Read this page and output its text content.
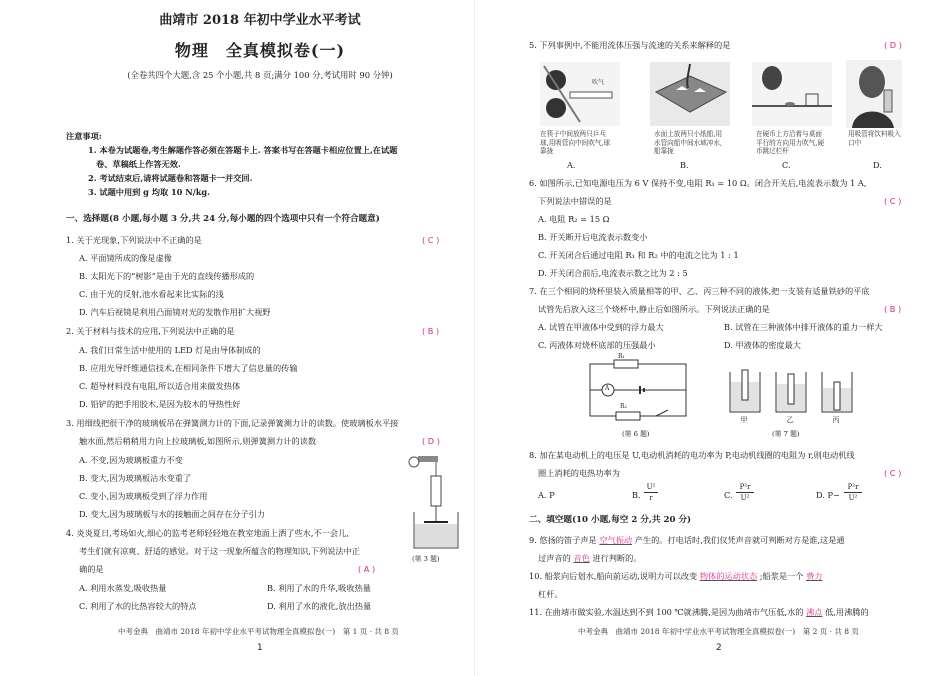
曲靖市 2018 年初中学业水平考试
物理　全真模拟卷(一)
(全卷共四个大题,含 25 个小题,共 8 页;满分 100 分,考试用时 90 分钟)
注意事项:
1. 本卷为试题卷,考生解题作答必须在答题卡上. 答案书写在答题卡相应位置上,在试题
卷、草稿纸上作答无效.
2. 考试结束后,请将试题卷和答题卡一并交回.
3. 试题中用到 g 均取 10 N/kg.
一、选择题(8 小题,每小题 3 分,共 24 分,每小题的四个选项中只有一个符合题意)
1. 关于光现象,下列说法中不正确的是	( C )
A. 平面镜所成的像是虚像
B. 太阳光下的“树影”是由于光的直线传播形成的
C. 由于光的反射,池水看起来比实际的浅
D. 汽车后视镜是利用凸面镜对光的发散作用扩大视野
2. 关于材料与技术的应用,下列说法中正确的是	( B )
A. 我们日常生活中使用的 LED 灯是由导体制成的
B. 应用光导纤维通信技术,在相同条件下增大了信息量的传输
C. 超导材料没有电阻,所以适合用来做发热体
D. 铅铲的把手用胶木,是因为胶木的导热性好
3. 用细线把很干净的玻璃板吊在弹簧测力计的下面,记录弹簧测力计的读数。使玻璃板水平接
触水面,然后稍稍用力向上拉玻璃板,如图所示,则弹簧测力计的读数	( D )
A. 不变,因为玻璃板重力不变
B. 变大,因为玻璃板沾水变重了
C. 变小,因为玻璃板受到了浮力作用
D. 变大,因为玻璃板与水的接触面之间存在分子引力
(第 3 题)
4. 炎炎夏日,考场如火,细心的监考老师轻轻地在教室地面上洒了些水,不一会儿,
考生们就有凉爽、舒适的感觉。对于这一现象所蕴含的物理知识,下列说法中正
确的是	( A )
A. 利用水蒸发,吸收热量	B. 利用了水的升华,吸收热量
C. 利用了水的比热容较大的特点	D. 利用了水的液化,放出热量
中考金典　曲靖市 2018 年初中学业水平考试物理全真模拟卷(一)　第 1 页 · 共 8 页
1
5. 下列事例中,不能用流体压强与流速的关系来解释的是	( D )
吹气
在筷子中间放两只乒乓球,用吸管向中间吹气,球靠拢
水面上放两只小纸船,用水管向船中间水域冲水,船靠拢
在硬币上方沿着与桌面平行的方向用力吹气,硬币跳过栏杆
用吸管将饮料吸入口中
A.	B.	C.	D.
6. 如图所示,已知电源电压为 6 V 保持不变,电阻 R₁ = 10 Ω。闭合开关后,电流表示数为 1 A,
下列说法中错误的是	( C )
A. 电阻 R₂ = 15 Ω
B. 开关断开后电流表示数变小
C. 开关闭合后通过电阻 R₁ 和 R₂ 中的电流之比为 1 : 1
D. 开关闭合前后,电流表示数之比为 2 : 5
7. 在三个相同的烧杯里装入质量相等的甲、乙、丙三种不同的液体,把一支装有适量铁砂的平底
试管先后放入这三个烧杯中,静止后如图所示。下列说法正确的是	( B )
A. 试管在甲液体中受到的浮力最大	B. 试管在三种液体中排开液体的重力一样大
C. 丙液体对烧杯底部的压强最小	D. 甲液体的密度最大
R₁
R₂
A
(第 6 题)
甲	乙	丙
(第 7 题)
8. 加在某电动机上的电压是 U,电动机消耗的电功率为 P,电动机线圈的电阻为 r,则电动机线
圈上消耗的电热功率为	( C )
A. P	B.
U²
r	C.
P²r
U²	D. P−
P²r
U²
二、填空题(10 小题,每空 2 分,共 20 分)
9. 悠扬的笛子声是 空气振动 产生的。打电话时,我们仅凭声音就可判断对方是谁,这是通
过声音的 音色 进行判断的。
10. 船浆向后划水,船向前运动,说明力可以改变 物体的运动状态 ;船浆是一个 费力
杠杆。
11. 在曲靖市做实验,水温达到不到 100 ℃就沸腾,是因为曲靖市气压低,水的 沸点 低,用沸腾的
中考金典　曲靖市 2018 年初中学业水平考试物理全真模拟卷(一)　第 2 页 · 共 8 页
2
